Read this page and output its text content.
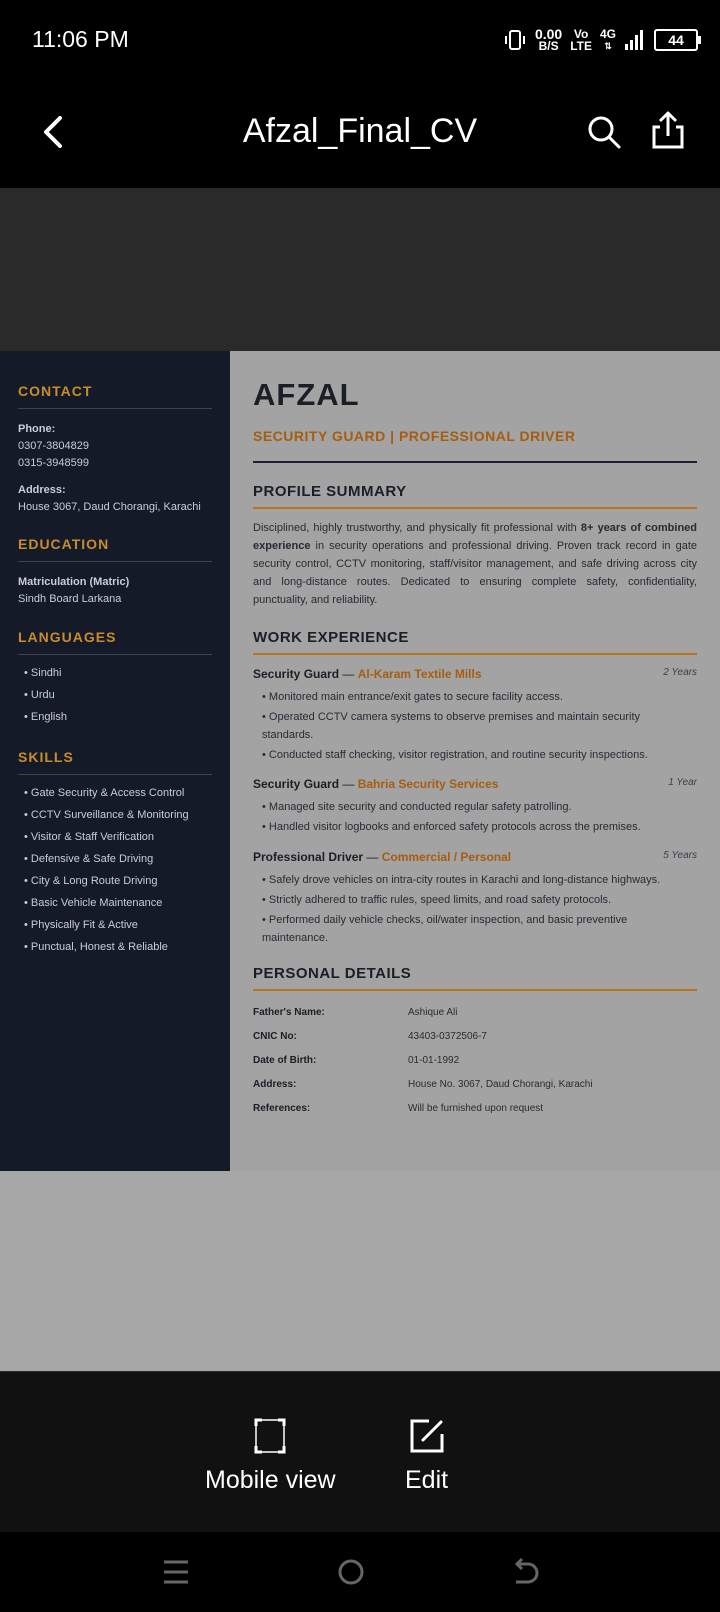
11:06 PM	0.00
B/S
Vo
LTE
4G
⇅	44
Afzal_Final_CV
CONTACT
Phone:
0307-3804829
0315-3948599
Address:
House 3067, Daud Chorangi, Karachi
EDUCATION
Matriculation (Matric)
Sindh Board Larkana
LANGUAGES
• Sindhi
• Urdu
• English
SKILLS
• Gate Security & Access Control
• CCTV Surveillance & Monitoring
• Visitor & Staff Verification
• Defensive & Safe Driving
• City & Long Route Driving
• Basic Vehicle Maintenance
• Physically Fit & Active
• Punctual, Honest & Reliable
AFZAL
SECURITY GUARD | PROFESSIONAL DRIVER
PROFILE SUMMARY
Disciplined, highly trustworthy, and physically fit professional with 8+ years of combined experience in security operations and professional driving. Proven track record in gate security control, CCTV monitoring, staff/visitor management, and safe driving across city and long-distance routes. Dedicated to ensuring complete safety, confidentiality, punctuality, and reliability.
WORK EXPERIENCE
Security Guard — Al-Karam Textile Mills	2 Years
• Monitored main entrance/exit gates to secure facility access.
• Operated CCTV camera systems to observe premises and maintain security standards.
• Conducted staff checking, visitor registration, and routine security inspections.
Security Guard — Bahria Security Services	1 Year
• Managed site security and conducted regular safety patrolling.
• Handled visitor logbooks and enforced safety protocols across the premises.
Professional Driver — Commercial / Personal	5 Years
• Safely drove vehicles on intra-city routes in Karachi and long-distance highways.
• Strictly adhered to traffic rules, speed limits, and road safety protocols.
• Performed daily vehicle checks, oil/water inspection, and basic preventive maintenance.
PERSONAL DETAILS
Father's Name:	Ashique Ali
CNIC No:	43403-0372506-7
Date of Birth:	01-01-1992
Address:	House No. 3067, Daud Chorangi, Karachi
References:	Will be furnished upon request
Mobile view	Edit
